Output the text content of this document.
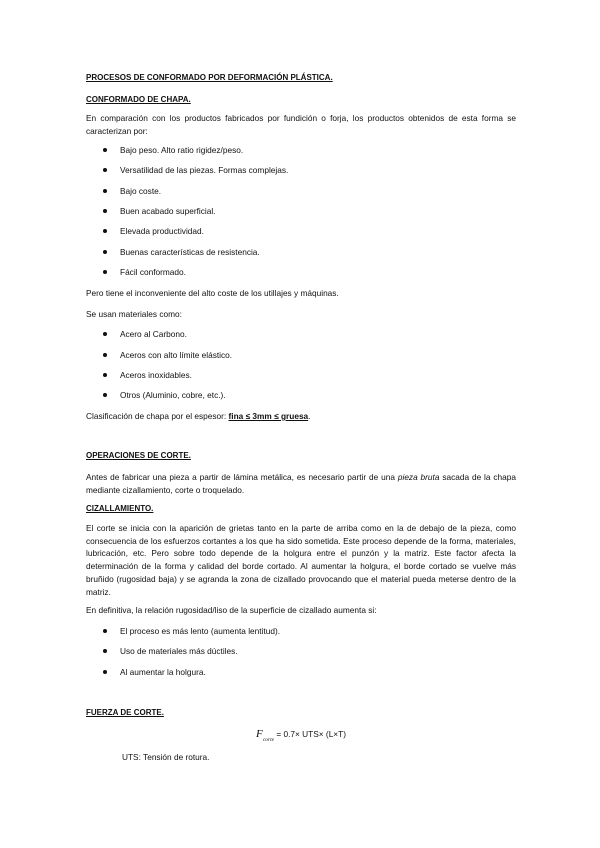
PROCESOS DE CONFORMADO POR DEFORMACIÓN PLÁSTICA.
CONFORMADO DE CHAPA.
En comparación con los productos fabricados por fundición o forja, los productos obtenidos de esta forma se caracterizan por:
Bajo peso. Alto ratio rigidez/peso.
Versatilidad de las piezas. Formas complejas.
Bajo coste.
Buen acabado superficial.
Elevada productividad.
Buenas características de resistencia.
Fácil conformado.
Pero tiene el inconveniente del alto coste de los utillajes y máquinas.
Se usan materiales como:
Acero al Carbono.
Aceros con alto límite elástico.
Aceros inoxidables.
Otros (Aluminio, cobre, etc.).
Clasificación de chapa por el espesor: fina ≤ 3mm ≤ gruesa.
OPERACIONES DE CORTE.
Antes de fabricar una pieza a partir de lámina metálica, es necesario partir de una pieza bruta sacada de la chapa mediante cizallamiento, corte o troquelado.
CIZALLAMIENTO.
El corte se inicia con la aparición de grietas tanto en la parte de arriba como en la de debajo de la pieza, como consecuencia de los esfuerzos cortantes a los que ha sido sometida. Este proceso depende de la forma, materiales, lubricación, etc. Pero sobre todo depende de la holgura entre el punzón y la matriz. Este factor afecta la determinación de la forma y calidad del borde cortado. Al aumentar la holgura, el borde cortado se vuelve más bruñido (rugosidad baja) y se agranda la zona de cizallado provocando que el material pueda meterse dentro de la matriz.
En definitiva, la relación rugosidad/liso de la superficie de cizallado aumenta si:
El proceso es más lento (aumenta lentitud).
Uso de materiales más dúctiles.
Al aumentar la holgura.
FUERZA DE CORTE.
$F_{corte} = 0.7\times UTS\times (L\times T)$
UTS: Tensión de rotura.
